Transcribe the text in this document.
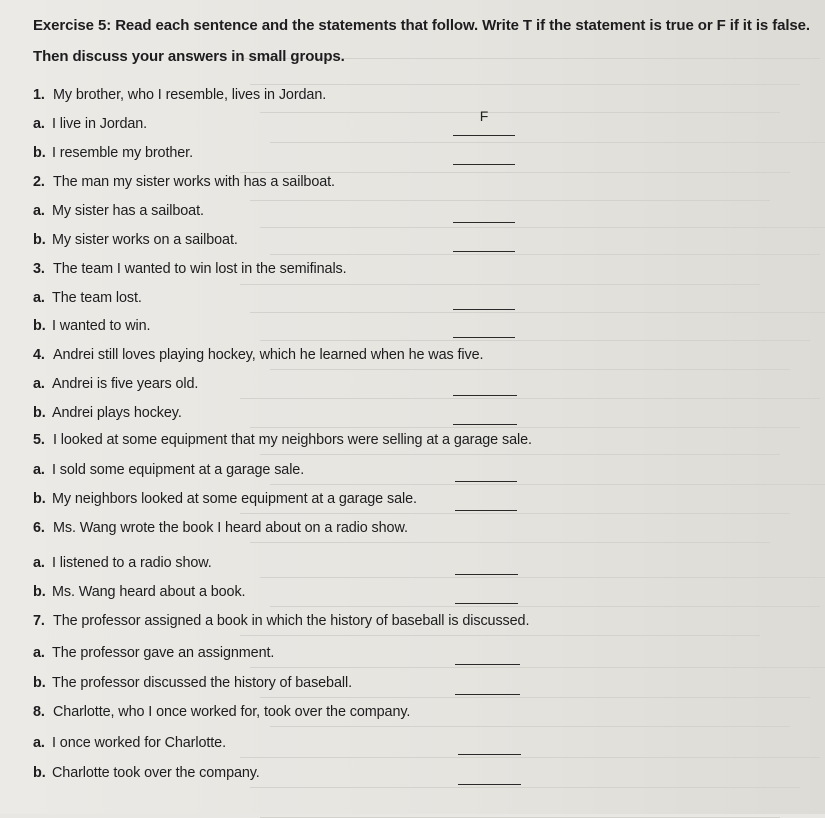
Exercise 5: Read each sentence and the statements that follow. Write T if the statement is true or F if it is false. Then discuss your answers in small groups.
1. My brother, who I resemble, lives in Jordan.
a. I live in Jordan.	F
b. I resemble my brother.
2. The man my sister works with has a sailboat.
a. My sister has a sailboat.
b. My sister works on a sailboat.
3. The team I wanted to win lost in the semifinals.
a. The team lost.
b. I wanted to win.
4. Andrei still loves playing hockey, which he learned when he was five.
a. Andrei is five years old.
b. Andrei plays hockey.
5. I looked at some equipment that my neighbors were selling at a garage sale.
a. I sold some equipment at a garage sale.
b. My neighbors looked at some equipment at a garage sale.
6. Ms. Wang wrote the book I heard about on a radio show.
a. I listened to a radio show.
b. Ms. Wang heard about a book.
7. The professor assigned a book in which the history of baseball is discussed.
a. The professor gave an assignment.
b. The professor discussed the history of baseball.
8. Charlotte, who I once worked for, took over the company.
a. I once worked for Charlotte.
b. Charlotte took over the company.
